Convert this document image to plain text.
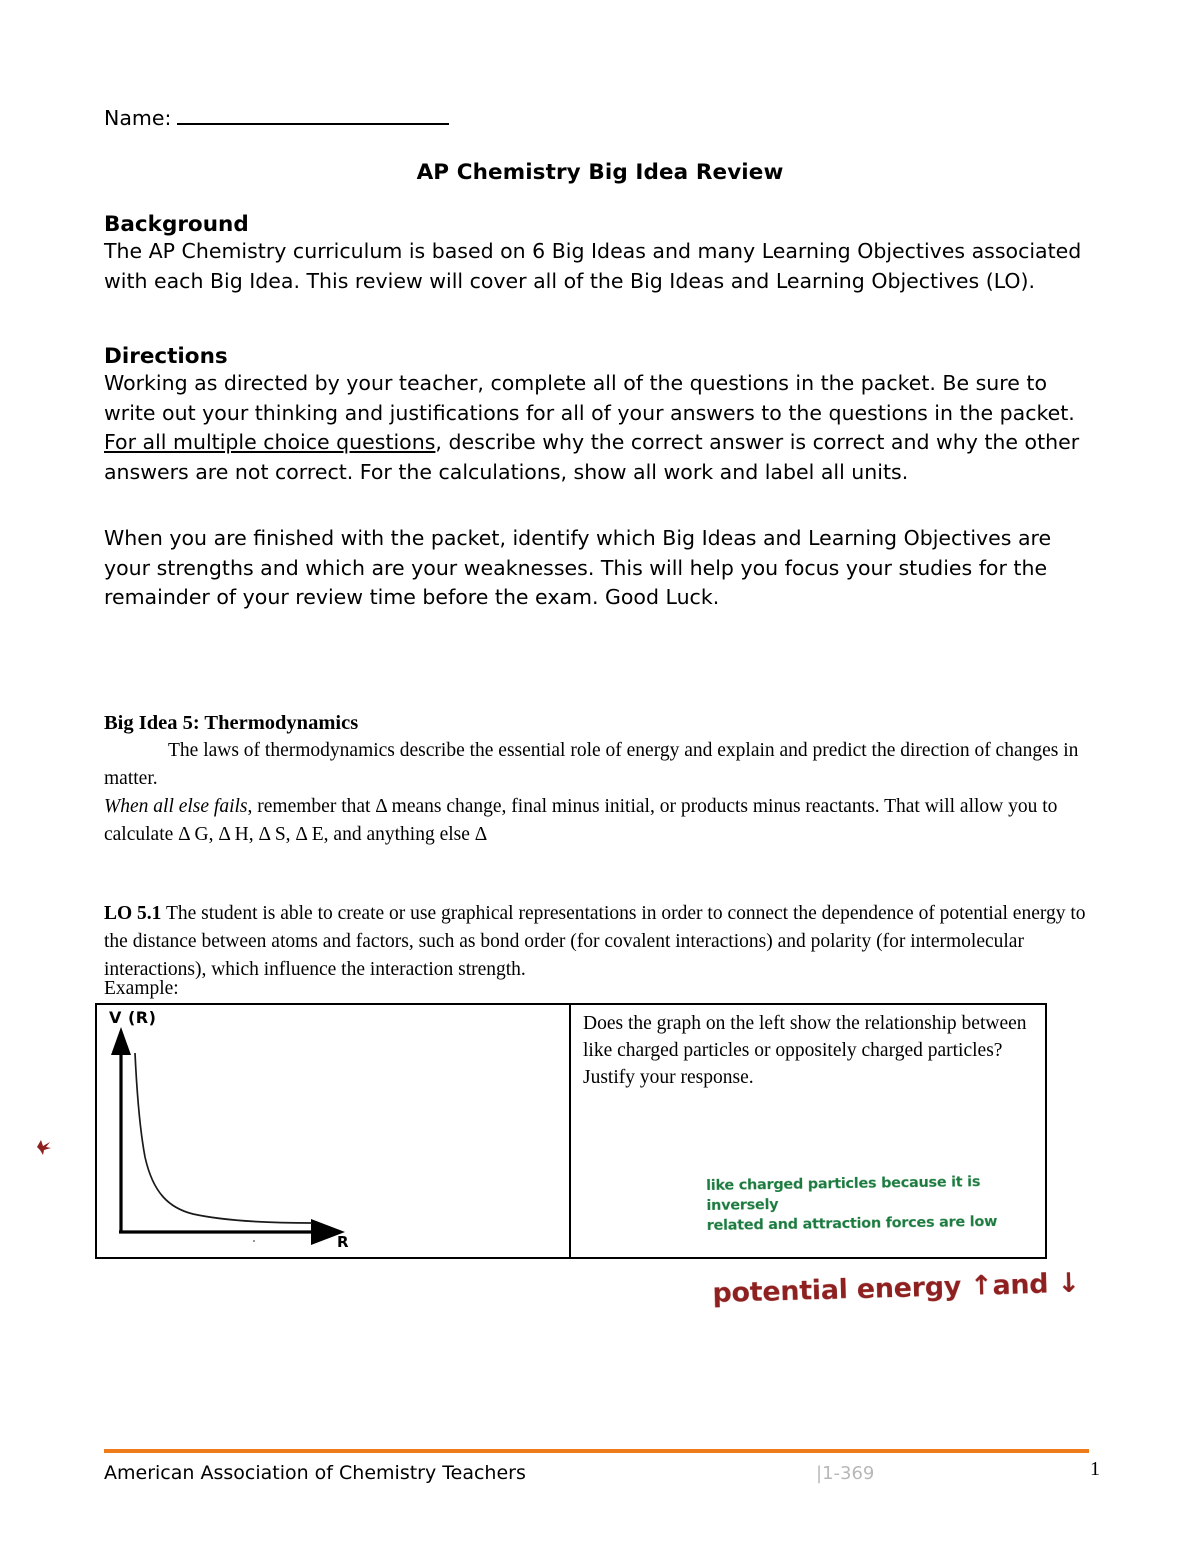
Name:
AP Chemistry Big Idea Review
Background
The AP Chemistry curriculum is based on 6 Big Ideas and many Learning Objectives associated with each Big Idea. This review will cover all of the Big Ideas and Learning Objectives (LO).
Directions
Working as directed by your teacher, complete all of the questions in the packet. Be sure to write out your thinking and justifications for all of your answers to the questions in the packet. For all multiple choice questions, describe why the correct answer is correct and why the other answers are not correct. For the calculations, show all work and label all units.
When you are finished with the packet, identify which Big Ideas and Learning Objectives are your strengths and which are your weaknesses. This will help you focus your studies for the remainder of your review time before the exam. Good Luck.
Big Idea 5: Thermodynamics
The laws of thermodynamics describe the essential role of energy and explain and predict the direction of changes in matter.
When all else fails, remember that Δ means change, final minus initial, or products minus reactants. That will allow you to calculate Δ G, Δ H, Δ S, Δ E, and anything else Δ
LO 5.1 The student is able to create or use graphical representations in order to connect the dependence of potential energy to the distance between atoms and factors, such as bond order (for covalent interactions) and polarity (for intermolecular interactions), which influence the interaction strength.
Example:
V (R)
R
Does the graph on the left show the relationship between like charged particles or oppositely charged particles? Justify your response.
like charged particles because it is inversely
related and attraction forces are low
potential energy ↑and ↓
American Association of Chemistry Teachers	|1-369	1
